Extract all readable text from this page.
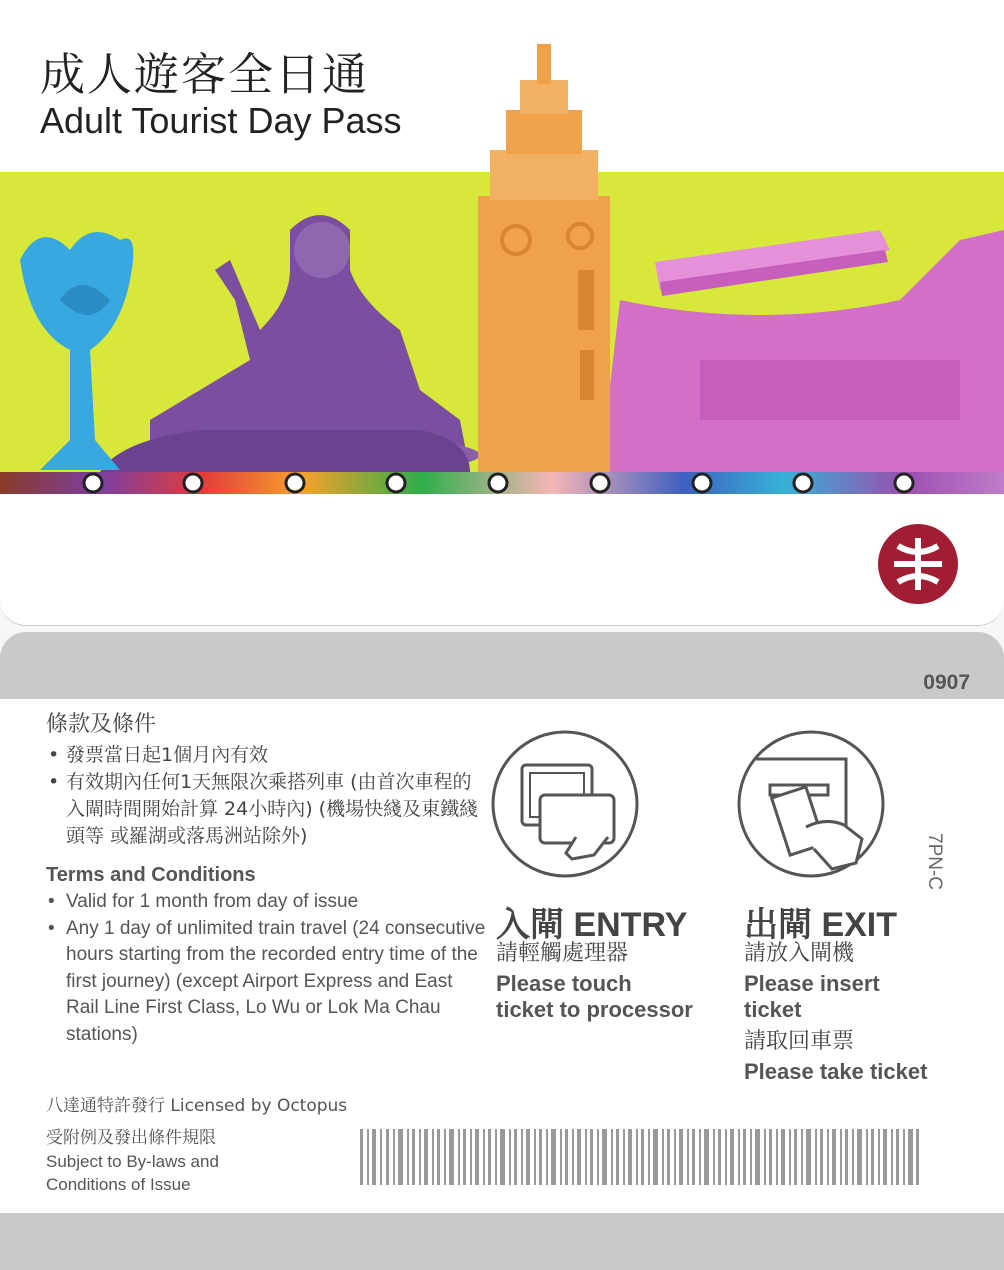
成人遊客全日通
Adult Tourist Day Pass
0907
7PN-C
條款及條件
• 發票當日起1個月內有效
• 有效期內任何1天無限次乘搭列車 (由首次車程的入閘時間開始計算 24小時內) (機場快綫及東鐵綫頭等 或羅湖或落馬洲站除外)
Terms and Conditions
• Valid for 1 month from day of issue
• Any 1 day of unlimited train travel (24 consecutive hours starting from the recorded entry time of the first journey) (except Airport Express and East Rail Line First Class, Lo Wu or Lok Ma Chau stations)
八達通特許發行 Licensed by Octopus
受附例及發出條件規限
Subject to By-laws and
Conditions of Issue
入閘 ENTRY
請輕觸處理器
Please touch
ticket to processor
出閘 EXIT
請放入閘機
Please insert
ticket
請取回車票
Please take ticket
